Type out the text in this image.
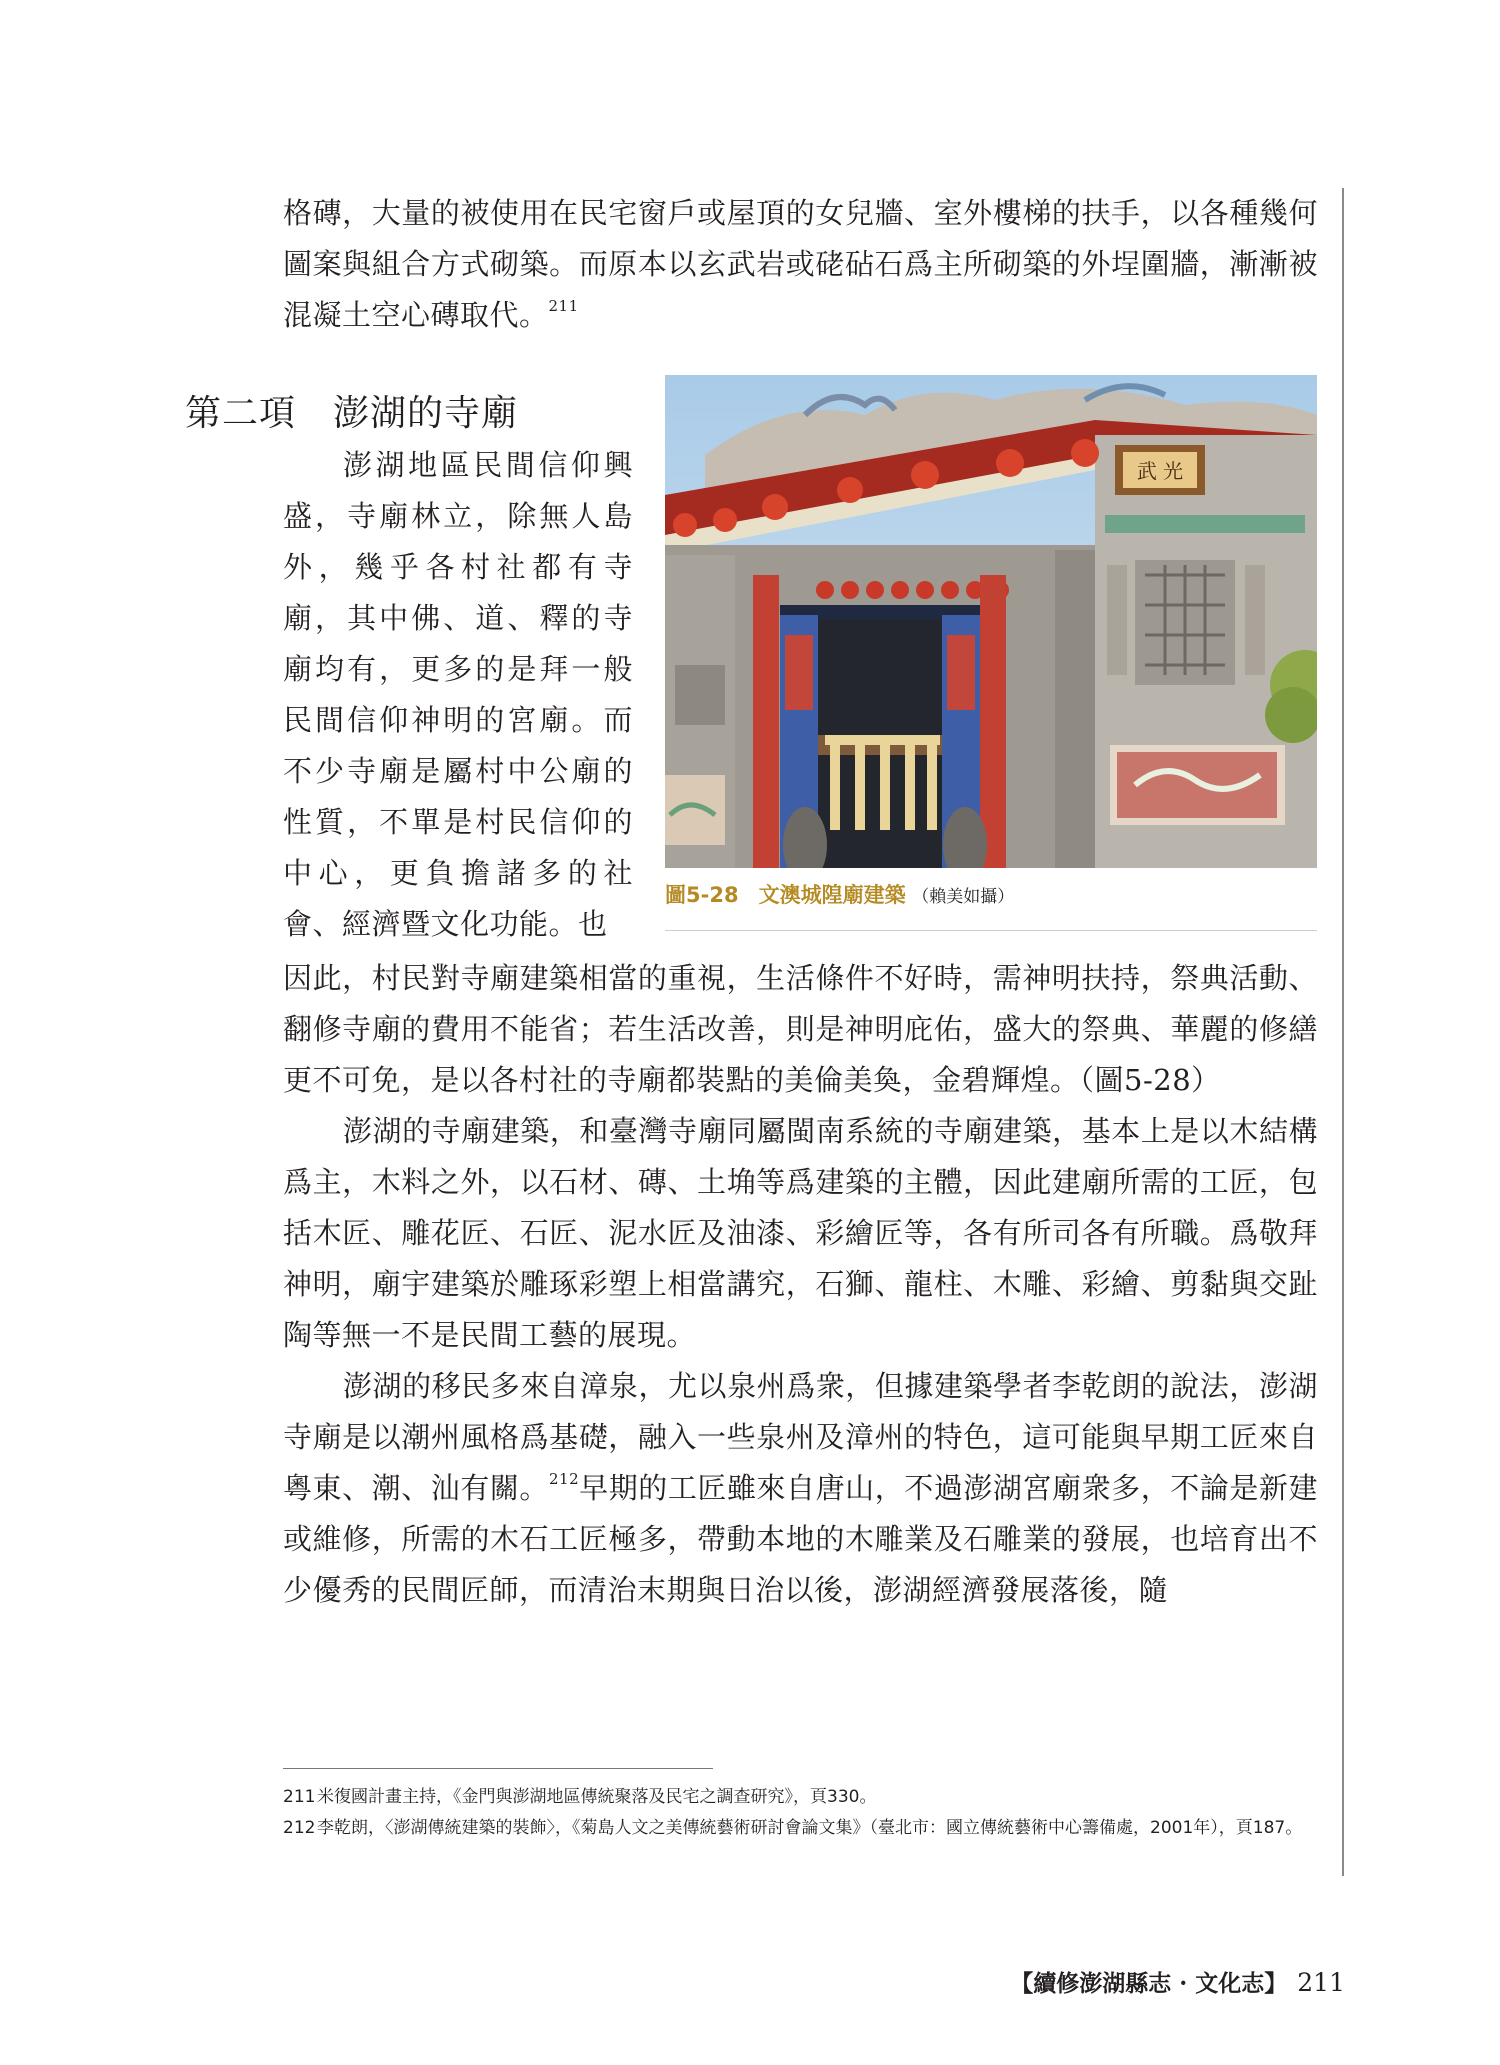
格磚，大量的被使用在民宅窗戶或屋頂的女兒牆、室外樓梯的扶手，以各種幾何圖案與組合方式砌築。而原本以玄武岩或硓砧石爲主所砌築的外埕圍牆，漸漸被混凝土空心磚取代。$^{211}$

第二項　澎湖的寺廟

澎湖地區民間信仰興盛，寺廟林立，除無人島外，幾乎各村社都有寺廟，其中佛、道、釋的寺廟均有，更多的是拜一般民間信仰神明的宮廟。而不少寺廟是屬村中公廟的性質，不單是村民信仰的中心，更負擔諸多的社會、經濟暨文化功能。也

武 光
圖5-28 文澳城隍廟建築 （賴美如攝）

因此，村民對寺廟建築相當的重視，生活條件不好時，需神明扶持，祭典活動、翻修寺廟的費用不能省；若生活改善，則是神明庇佑，盛大的祭典、華麗的修繕更不可免，是以各村社的寺廟都裝點的美倫美奐，金碧輝煌。（圖5-28）

澎湖的寺廟建築，和臺灣寺廟同屬閩南系統的寺廟建築，基本上是以木結構爲主，木料之外，以石材、磚、土埆等爲建築的主體，因此建廟所需的工匠，包括木匠、雕花匠、石匠、泥水匠及油漆、彩繪匠等，各有所司各有所職。爲敬拜神明，廟宇建築於雕琢彩塑上相當講究，石獅、龍柱、木雕、彩繪、剪黏與交趾陶等無一不是民間工藝的展現。

澎湖的移民多來自漳泉，尤以泉州爲衆，但據建築學者李乾朗的說法，澎湖寺廟是以潮州風格爲基礎，融入一些泉州及漳州的特色，這可能與早期工匠來自粵東、潮、汕有關。$^{212}$早期的工匠雖來自唐山，不過澎湖宮廟衆多，不論是新建或維修，所需的木石工匠極多，帶動本地的木雕業及石雕業的發展，也培育出不少優秀的民間匠師，而清治末期與日治以後，澎湖經濟發展落後，隨

211米復國計畫主持，《金門與澎湖地區傳統聚落及民宅之調查研究》，頁330。

212李乾朗，〈澎湖傳統建築的裝飾〉，《菊島人文之美傳統藝術研討會論文集》（臺北市：國立傳統藝術中心籌備處，2001年），頁187。

【續修澎湖縣志 · 文化志】 211
